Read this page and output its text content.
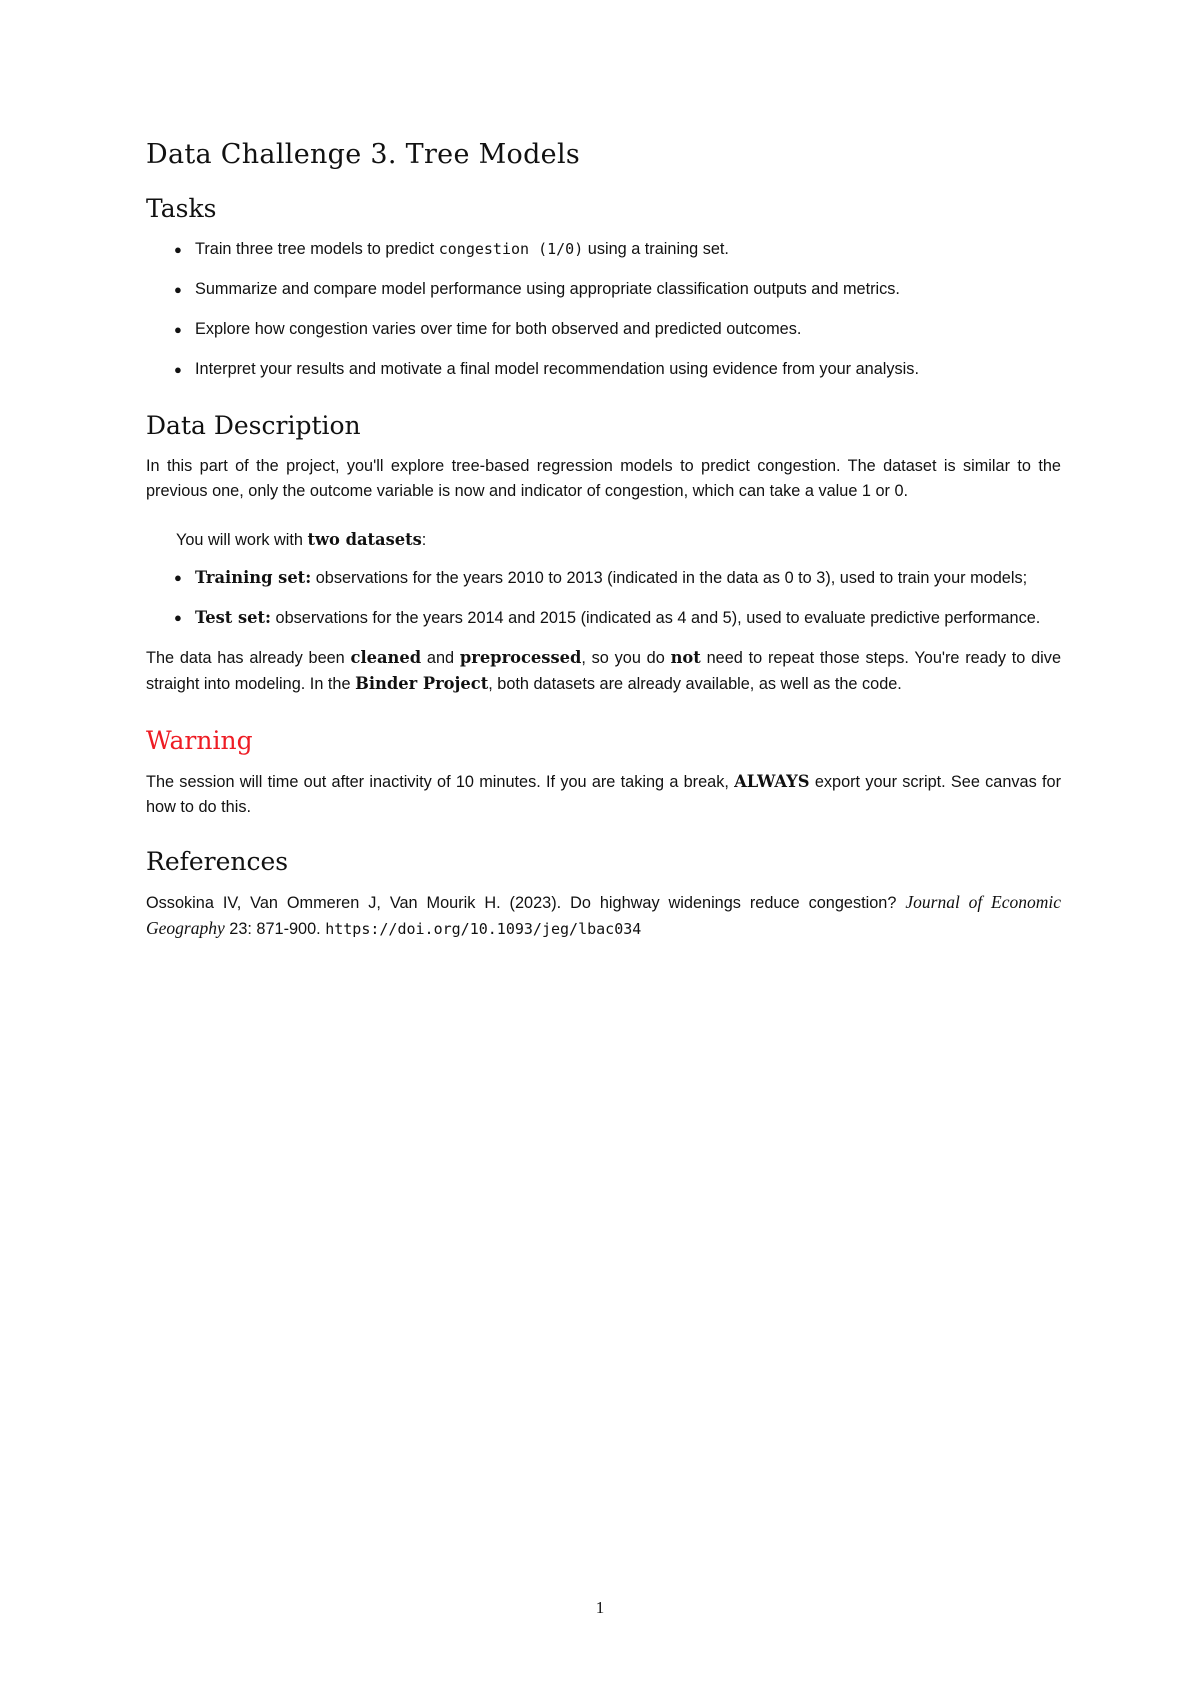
Data Challenge 3. Tree Models
Tasks
● Train three tree models to predict congestion (1/0) using a training set.
● Summarize and compare model performance using appropriate classification outputs and metrics.
● Explore how congestion varies over time for both observed and predicted outcomes.
● Interpret your results and motivate a final model recommendation using evidence from your analysis.
Data Description

In this part of the project, you'll explore tree-based regression models to predict congestion. The dataset is similar to the previous one, only the outcome variable is now and indicator of congestion, which can take a value 1 or 0.

You will work with two datasets:

● Training set: observations for the years 2010 to 2013 (indicated in the data as 0 to 3), used to train your models;
● Test set: observations for the years 2014 and 2015 (indicated as 4 and 5), used to evaluate predictive performance.

The data has already been cleaned and preprocessed, so you do not need to repeat those steps. You're ready to dive straight into modeling. In the Binder Project, both datasets are already available, as well as the code.

Warning

The session will time out after inactivity of 10 minutes. If you are taking a break, ALWAYS export your script. See canvas for how to do this.

References

Ossokina IV, Van Ommeren J, Van Mourik H. (2023). Do highway widenings reduce congestion? Journal of Economic Geography 23: 871-900. https://doi.org/10.1093/jeg/lbac034

1
